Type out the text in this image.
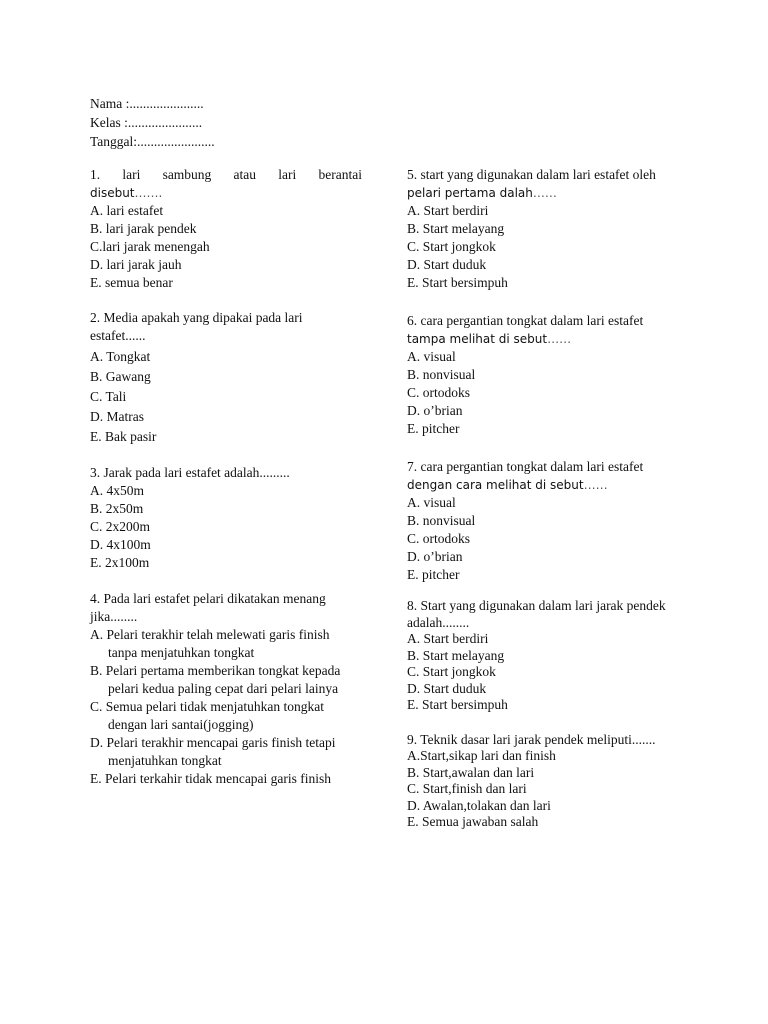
Nama :......................
Kelas :......................
Tanggal:.......................
1. lari sambung atau lari berantai
disebut…….
A. lari estafet
B. lari jarak pendek
C.lari jarak menengah
D. lari jarak jauh
E. semua benar
2. Media apakah yang dipakai pada lari estafet......
A. Tongkat
B. Gawang
C. Tali
D. Matras
E. Bak pasir
3. Jarak pada lari estafet adalah.........
A. 4x50m
B. 2x50m
C. 2x200m
D. 4x100m
E. 2x100m
4. Pada lari estafet pelari dikatakan menang jika........
A. Pelari terakhir telah melewati garis finish tanpa menjatuhkan tongkat
B. Pelari pertama memberikan tongkat kepada pelari kedua paling cepat dari pelari lainya
C. Semua pelari tidak menjatuhkan tongkat dengan lari santai(jogging)
D. Pelari terakhir mencapai garis finish tetapi menjatuhkan tongkat
E. Pelari terkahir tidak mencapai garis finish
5. start yang digunakan dalam lari estafet oleh
pelari pertama dalah……
A. Start berdiri
B. Start melayang
C. Start jongkok
D. Start duduk
E. Start bersimpuh
6. cara pergantian tongkat dalam lari estafet
tampa melihat di sebut……
A. visual
B. nonvisual
C. ortodoks
D. o’brian
E. pitcher
7. cara pergantian tongkat dalam lari estafet
dengan cara melihat di sebut……
A. visual
B. nonvisual
C. ortodoks
D. o’brian
E. pitcher
8. Start yang digunakan dalam lari jarak pendek adalah........
A. Start berdiri
B. Start melayang
C. Start jongkok
D. Start duduk
E. Start bersimpuh
9. Teknik dasar lari jarak pendek meliputi.......
A.Start,sikap lari dan finish
B. Start,awalan dan lari
C. Start,finish dan lari
D. Awalan,tolakan dan lari
E. Semua jawaban salah
